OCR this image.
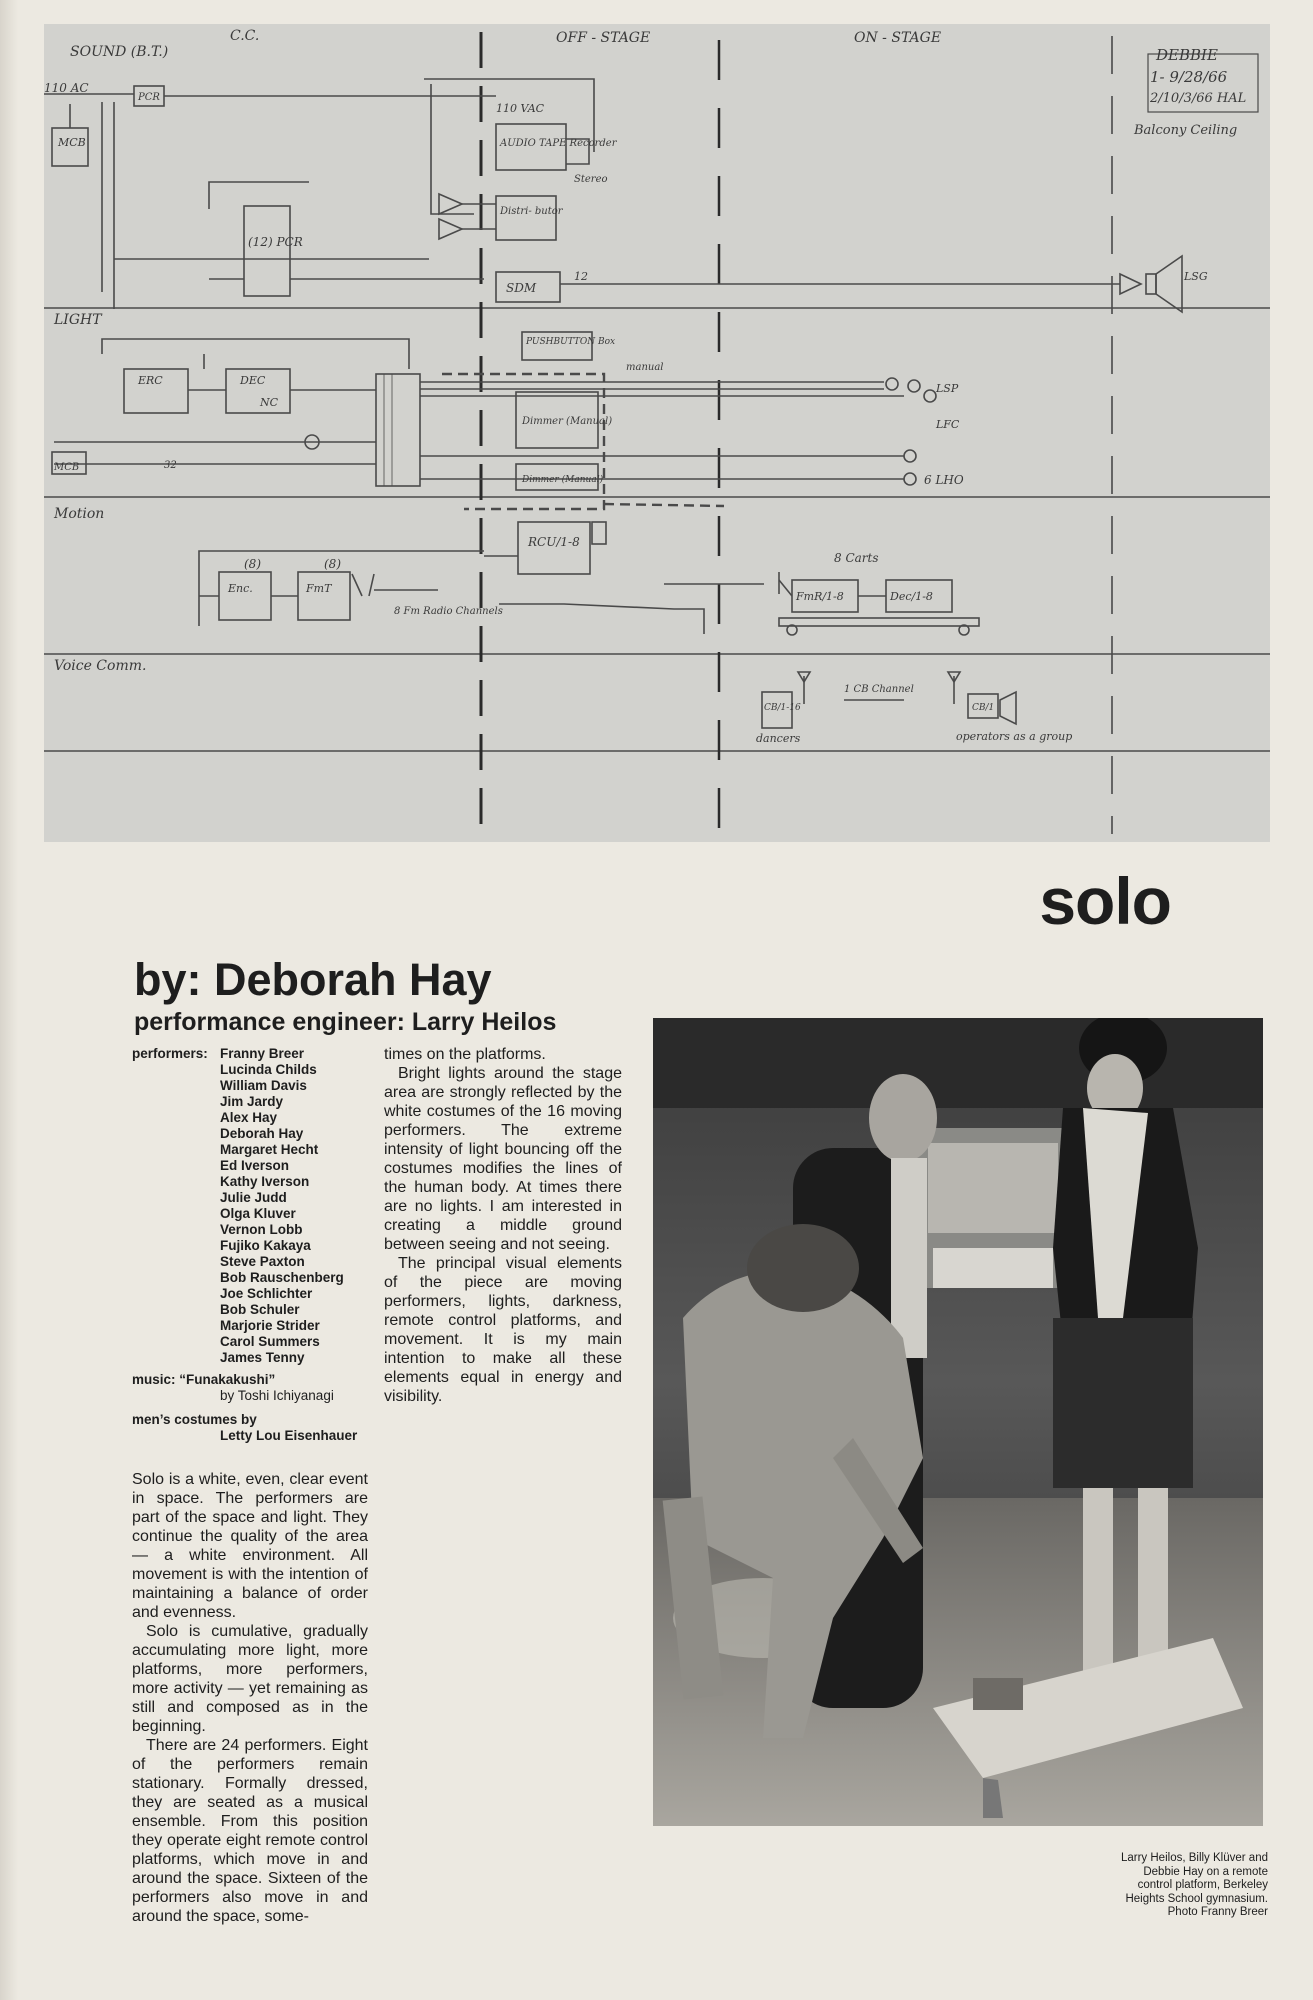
SOUND (B.T.)
LIGHT
Motion
Voice Comm.
C.C.	OFF - STAGE	ON - STAGE
DEBBIE
1- 9/28/66
2/10/3/66 HAL
Balcony Ceiling
110 AC
MCB
PCR
(12) PCR
110 VAC
AUDIO TAPE Recorder
Stereo
Distri- butor
SDM
LSG
12
PUSHBUTTON Box
manual
ERC	DEC
NC
Dimmer (Manual)
Dimmer (Manual)
LSP
LFC
6 LHO
MCB	32
Enc.	FmT
(8)	(8)
8 Fm Radio Channels
RCU/1-8
8 Carts
FmR/1-8	Dec/1-8
CB/1-16
dancers
1 CB Channel
CB/1
operators as a group
solo
by: Deborah Hay
performance engineer: Larry Heilos
performers: Franny Breer
Lucinda Childs
William Davis
Jim Jardy
Alex Hay
Deborah Hay
Margaret Hecht
Ed Iverson
Kathy Iverson
Julie Judd
Olga Kluver
Vernon Lobb
Fujiko Kakaya
Steve Paxton
Bob Rauschenberg
Joe Schlichter
Bob Schuler
Marjorie Strider
Carol Summers
James Tenny
music: “Funakakushi”
by Toshi Ichiyanagi
men’s costumes by
Letty Lou Eisenhauer

Solo is a white, even, clear event in space. The performers are part of the space and light. They continue the quality of the area — a white environment. All movement is with the intention of maintaining a balance of order and evenness.

Solo is cumulative, gradually accumulating more light, more platforms, more performers, more activity — yet remaining as still and composed as in the beginning.

There are 24 performers. Eight of the performers remain stationary. Formally dressed, they are seated as a musical ensemble. From this position they operate eight remote control platforms, which move in and around the space. Sixteen of the performers also move in and around the space, some-

times on the platforms.

Bright lights around the stage area are strongly reflected by the white costumes of the 16 moving performers. The extreme intensity of light bouncing off the costumes modifies the lines of the human body. At times there are no lights. I am interested in creating a middle ground between seeing and not seeing.

The principal visual elements of the piece are moving performers, lights, darkness, remote control platforms, and movement. It is my main intention to make all these elements equal in energy and visibility.

Larry Heilos, Billy Klüver and
Debbie Hay on a remote
control platform, Berkeley
Heights School gymnasium.
Photo Franny Breer
